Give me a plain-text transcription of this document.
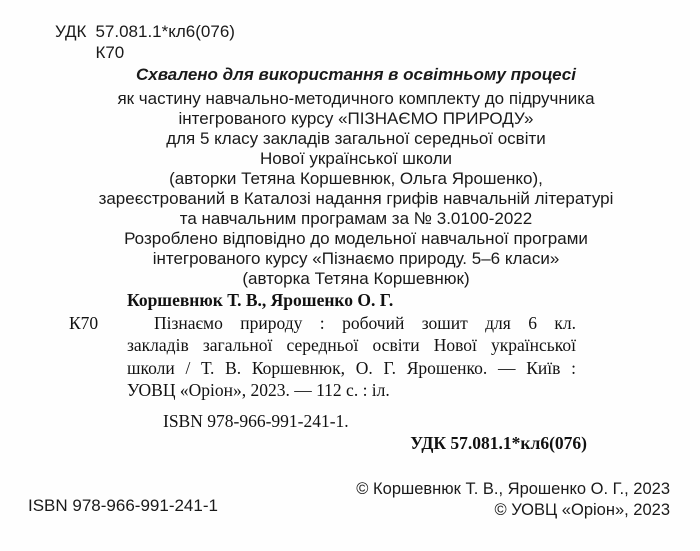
УДК 57.081.1*кл6(076)
К70
Схвалено для використання в освітньому процесі
як частину навчально-методичного комплекту до підручника
інтегрованого курсу «ПІЗНАЄМО ПРИРОДУ»
для 5 класу закладів загальної середньої освіти
Нової української школи
(авторки Тетяна Коршевнюк, Ольга Ярошенко),
зареєстрований в Каталозі надання грифів навчальній літературі
та навчальним програмам за № 3.0100-2022
Розроблено відповідно до модельної навчальної програми
інтегрованого курсу «Пізнаємо природу. 5–6 класи»
(авторка Тетяна Коршевнюк)
Коршевнюк Т. В., Ярошенко О. Г.
К70	Пізнаємо природу : робочий зошит для 6 кл.
закладів загальної середньої освіти Нової української
школи / Т. В. Коршевнюк, О. Г. Ярошенко. — Київ :
УОВЦ «Оріон», 2023. — 112 с. : іл.
ISBN 978-966-991-241-1.
УДК 57.081.1*кл6(076)
ISBN 978-966-991-241-1
© Коршевнюк Т. В., Ярошенко О. Г., 2023
© УОВЦ «Оріон», 2023
